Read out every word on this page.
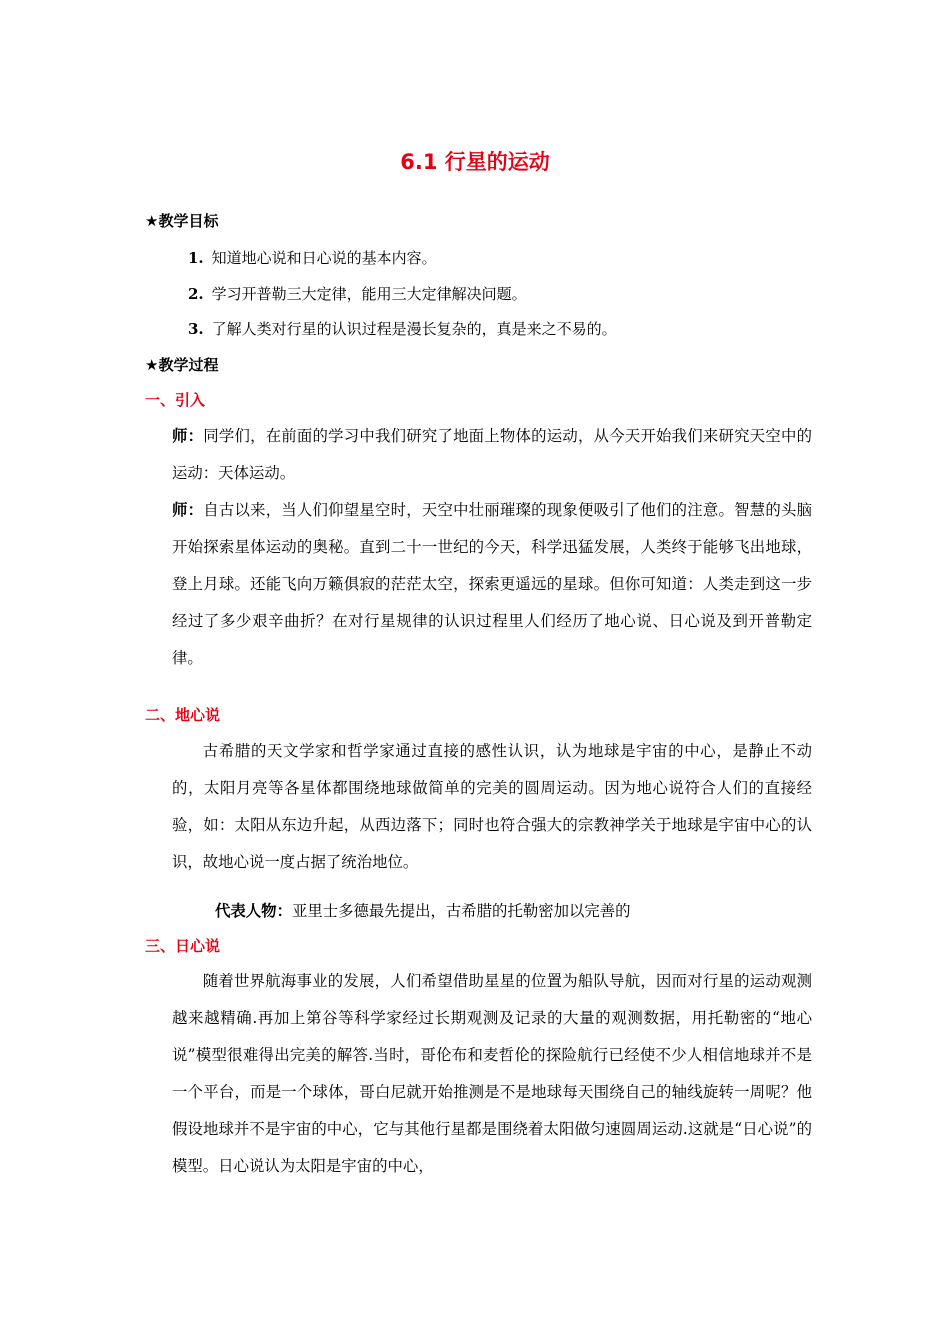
6.1 行星的运动
★教学目标
1. 知道地心说和日心说的基本内容。
2. 学习开普勒三大定律，能用三大定律解决问题。
3. 了解人类对行星的认识过程是漫长复杂的，真是来之不易的。
★教学过程
一、引入
师：同学们，在前面的学习中我们研究了地面上物体的运动，从今天开始我们来研究天空中的运动：天体运动。
师：自古以来，当人们仰望星空时，天空中壮丽璀璨的现象便吸引了他们的注意。智慧的头脑开始探索星体运动的奥秘。直到二十一世纪的今天，科学迅猛发展，人类终于能够飞出地球，登上月球。还能飞向万籁俱寂的茫茫太空，探索更遥远的星球。但你可知道：人类走到这一步经过了多少艰辛曲折？在对行星规律的认识过程里人们经历了地心说、日心说及到开普勒定律。
二、地心说
古希腊的天文学家和哲学家通过直接的感性认识，认为地球是宇宙的中心，是静止不动的，太阳月亮等各星体都围绕地球做简单的完美的圆周运动。因为地心说符合人们的直接经验，如：太阳从东边升起，从西边落下；同时也符合强大的宗教神学关于地球是宇宙中心的认识，故地心说一度占据了统治地位。
代表人物：亚里士多德最先提出，古希腊的托勒密加以完善的
三、日心说
随着世界航海事业的发展，人们希望借助星星的位置为船队导航，因而对行星的运动观测越来越精确.再加上第谷等科学家经过长期观测及记录的大量的观测数据，用托勒密的“地心说”模型很难得出完美的解答.当时，哥伦布和麦哲伦的探险航行已经使不少人相信地球并不是一个平台，而是一个球体，哥白尼就开始推测是不是地球每天围绕自己的轴线旋转一周呢？他假设地球并不是宇宙的中心，它与其他行星都是围绕着太阳做匀速圆周运动.这就是“日心说”的模型。日心说认为太阳是宇宙的中心，
